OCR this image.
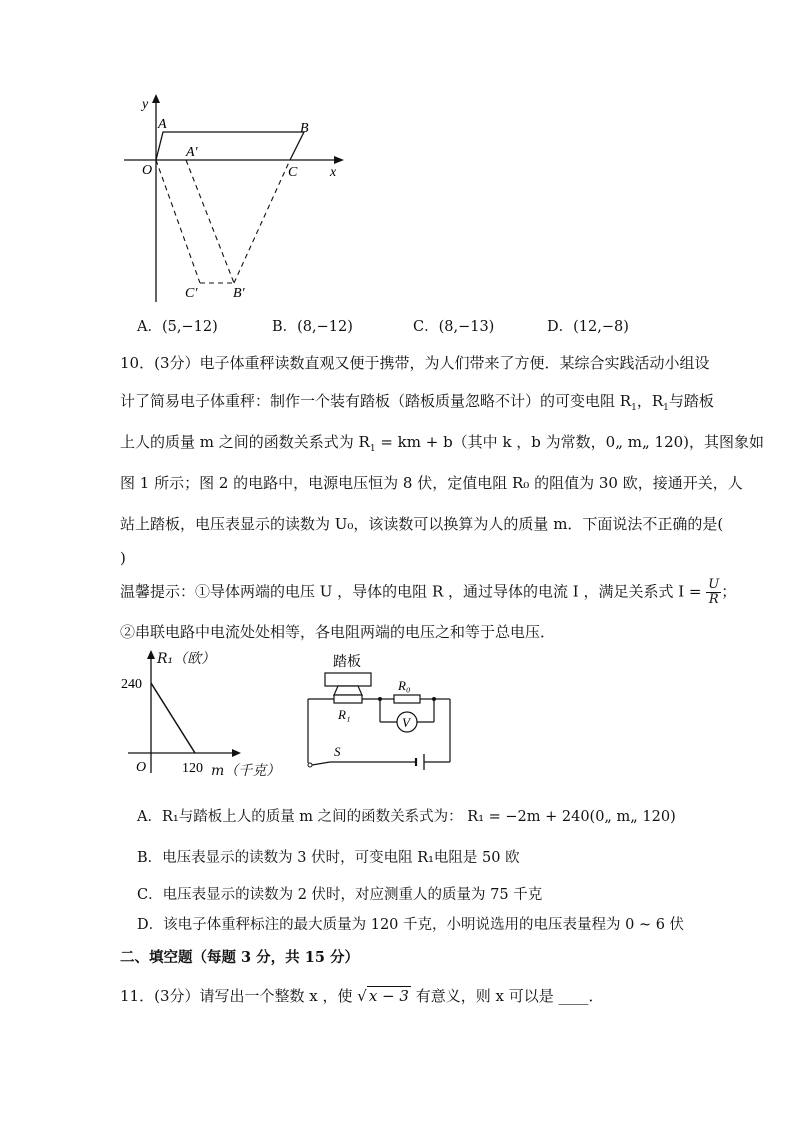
y
x
O
A	B
C
A′
C′	B′
A．(5,−12)	B．(8,−12)	C．(8,−13)	D．(12,−8)
10．(3分）电子体重秤读数直观又便于携带，为人们带来了方便．某综合实践活动小组设
计了简易电子体重秤：制作一个装有踏板（踏板质量忽略不计）的可变电阻 $R_1$，$R_1$与踏板
上人的质量 m 之间的函数关系式为 $R_1$ = km + b（其中 k ，b 为常数，0„ m„ 120)，其图象如
图 1 所示；图 2 的电路中，电源电压恒为 8 伏，定值电阻 R₀ 的阻值为 30 欧，接通开关，人
站上踏板，电压表显示的读数为 U₀，该读数可以换算为人的质量 m．下面说法不正确的是(
)
温馨提示：①导体两端的电压 U ，导体的电阻 R ，通过导体的电流 I ，满足关系式 $I = \frac{U}{R}$ ；
②串联电路中电流处处相等，各电阻两端的电压之和等于总电压．
240
O	120
R₁（欧）
m（千克）
踏板
R₀
R₁
V
S
A．R₁与踏板上人的质量 m 之间的函数关系式为： R₁ = −2m + 240(0„ m„ 120)
B．电压表显示的读数为 3 伏时，可变电阻 R₁电阻是 50 欧
C．电压表显示的读数为 2 伏时，对应测重人的质量为 75 千克
D．该电子体重秤标注的最大质量为 120 千克，小明说选用的电压表量程为 0 ~ 6 伏
二、填空题（每题 3 分，共 15 分）
11．(3分）请写出一个整数 x ，使 √ x − 3 有意义，则 x 可以是 ____．
